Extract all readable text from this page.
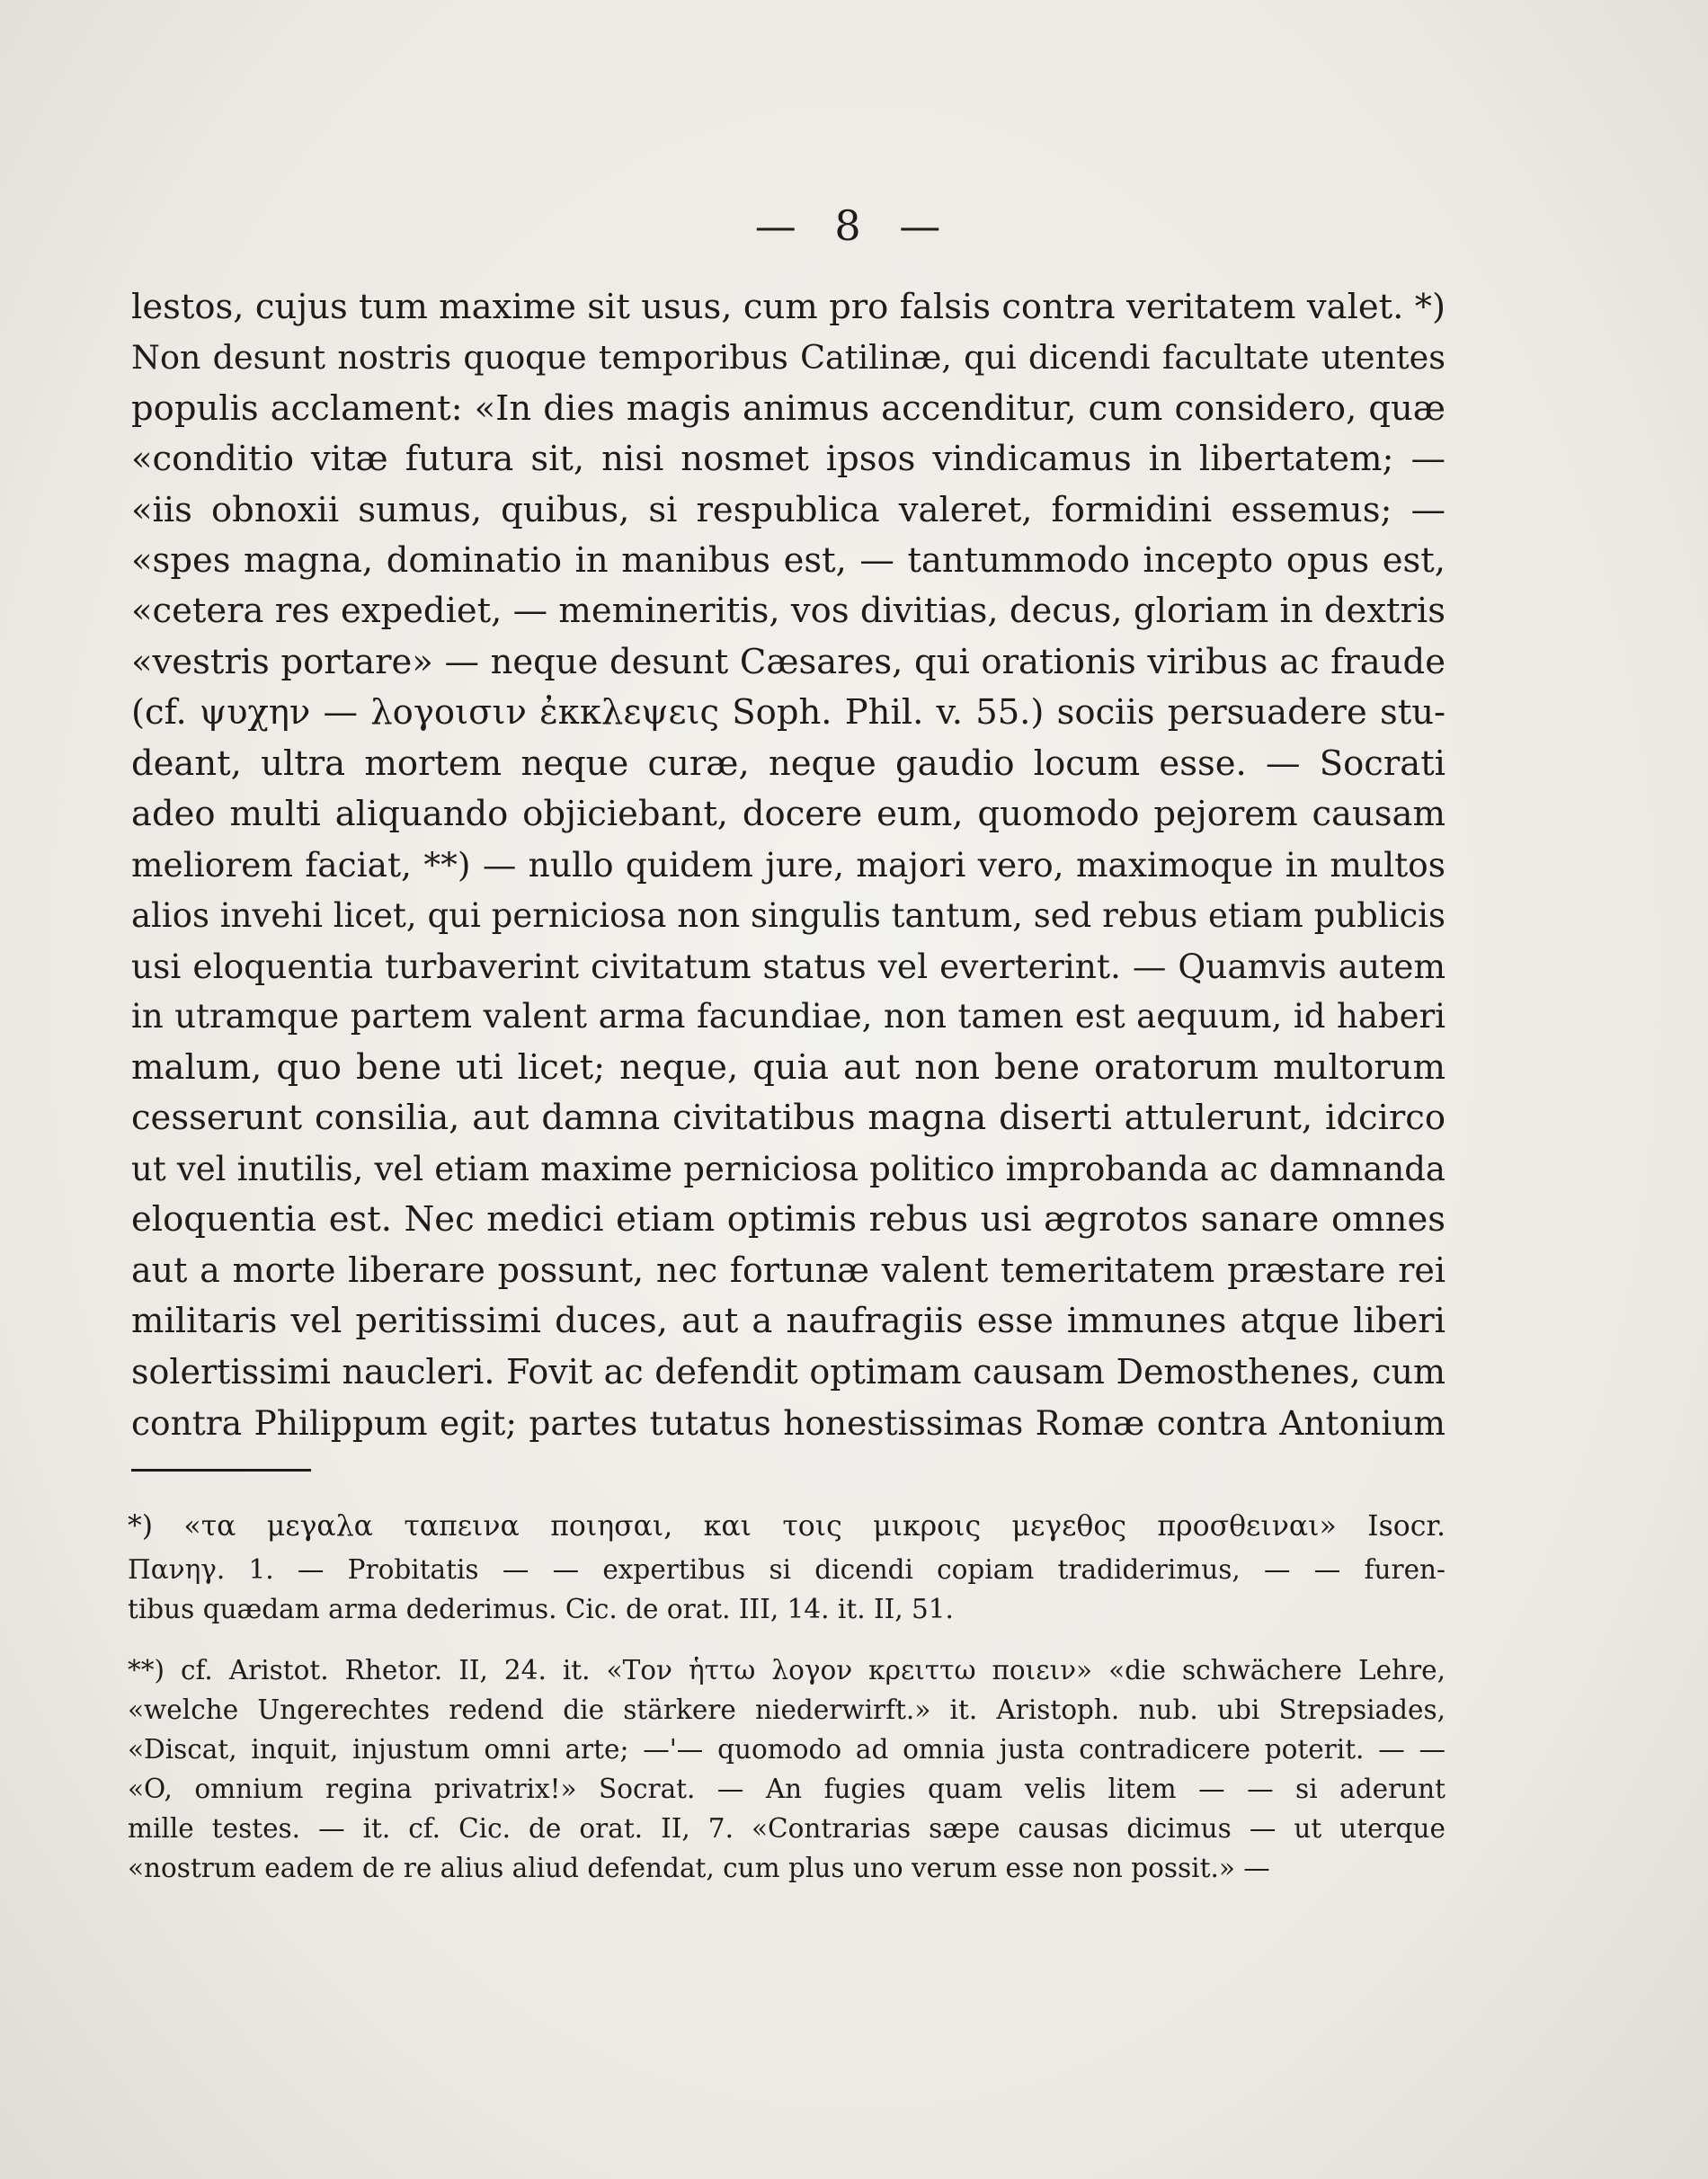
— 8 —
lestos, cujus tum maxime sit usus, cum pro falsis contra veritatem valet. *)
Non desunt nostris quoque temporibus Catilinæ, qui dicendi facultate utentes
populis acclament: «In dies magis animus accenditur, cum considero, quæ
«conditio vitæ futura sit, nisi nosmet ipsos vindicamus in libertatem; —
«iis obnoxii sumus, quibus, si respublica valeret, formidini essemus; —
«spes magna, dominatio in manibus est, — tantummodo incepto opus est,
«cetera res expediet, — memineritis, vos divitias, decus, gloriam in dextris
«vestris portare» — neque desunt Cæsares, qui orationis viribus ac fraude
(cf. ψυχην — λογοισιν ἐκκλεψεις Soph. Phil. v. 55.) sociis persuadere stu-
deant, ultra mortem neque curæ, neque gaudio locum esse. — Socrati
adeo multi aliquando objiciebant, docere eum, quomodo pejorem causam
meliorem faciat, **) — nullo quidem jure, majori vero, maximoque in multos
alios invehi licet, qui perniciosa non singulis tantum, sed rebus etiam publicis
usi eloquentia turbaverint civitatum status vel everterint. — Quamvis autem
in utramque partem valent arma facundiae, non tamen est aequum, id haberi
malum, quo bene uti licet; neque, quia aut non bene oratorum multorum
cesserunt consilia, aut damna civitatibus magna diserti attulerunt, idcirco
ut vel inutilis, vel etiam maxime perniciosa politico improbanda ac damnanda
eloquentia est. Nec medici etiam optimis rebus usi ægrotos sanare omnes
aut a morte liberare possunt, nec fortunæ valent temeritatem præstare rei
militaris vel peritissimi duces, aut a naufragiis esse immunes atque liberi
solertissimi naucleri. Fovit ac defendit optimam causam Demosthenes, cum
contra Philippum egit; partes tutatus honestissimas Romæ contra Antonium
*) «τα μεγαλα ταπεινα ποιησαι, και τοις μικροις μεγεθος προσθειναι» Isocr.
Πανηγ. 1. — Probitatis — — expertibus si dicendi copiam tradiderimus, — — furen-
tibus quædam arma dederimus. Cic. de orat. III, 14. it. II, 51.
**) cf. Aristot. Rhetor. II, 24. it. «Τον ἡττω λογον κρειττω ποιειν» «die schwächere Lehre,
«welche Ungerechtes redend die stärkere niederwirft.» it. Aristoph. nub. ubi Strepsiades,
«Discat, inquit, injustum omni arte; —'— quomodo ad omnia justa contradicere poterit. — —
«O, omnium regina privatrix!» Socrat. — An fugies quam velis litem — — si aderunt
mille testes. — it. cf. Cic. de orat. II, 7. «Contrarias sæpe causas dicimus — ut uterque
«nostrum eadem de re alius aliud defendat, cum plus uno verum esse non possit.» —
